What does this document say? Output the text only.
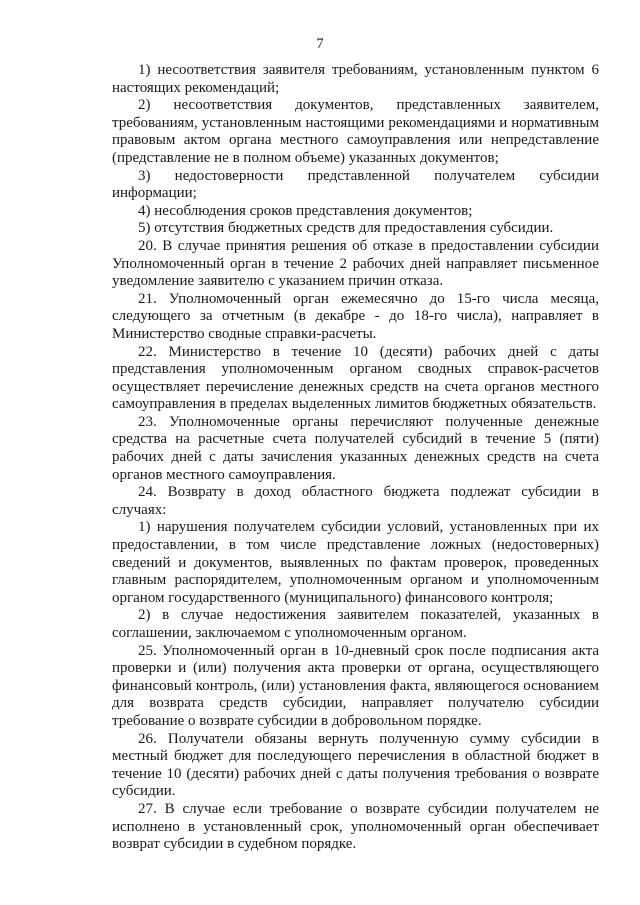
7

1) несоответствия заявителя требованиям, установленным пунктом 6 настоящих рекомендаций;

2) несоответствия документов, представленных заявителем, требованиям, установленным настоящими рекомендациями и нормативным правовым актом органа местного самоуправления или непредставление (представление не в полном объеме) указанных документов;

3) недостоверности представленной получателем субсидии информации;

4) несоблюдения сроков представления документов;

5) отсутствия бюджетных средств для предоставления субсидии.

20. В случае принятия решения об отказе в предоставлении субсидии Уполномоченный орган в течение 2 рабочих дней направляет письменное уведомление заявителю с указанием причин отказа.

21. Уполномоченный орган ежемесячно до 15-го числа месяца, следующего за отчетным (в декабре - до 18-го числа), направляет в Министерство сводные справки-расчеты.

22. Министерство в течение 10 (десяти) рабочих дней с даты представления уполномоченным органом сводных справок-расчетов осуществляет перечисление денежных средств на счета органов местного самоуправления в пределах выделенных лимитов бюджетных обязательств.

23. Уполномоченные органы перечисляют полученные денежные средства на расчетные счета получателей субсидий в течение 5 (пяти) рабочих дней с даты зачисления указанных денежных средств на счета органов местного самоуправления.

24. Возврату в доход областного бюджета подлежат субсидии в случаях:

1) нарушения получателем субсидии условий, установленных при их предоставлении, в том числе представление ложных (недостоверных) сведений и документов, выявленных по фактам проверок, проведенных главным распорядителем, уполномоченным органом и уполномоченным органом государственного (муниципального) финансового контроля;

2) в случае недостижения заявителем показателей, указанных в соглашении, заключаемом с уполномоченным органом.

25. Уполномоченный орган в 10-дневный срок после подписания акта проверки и (или) получения акта проверки от органа, осуществляющего финансовый контроль, (или) установления факта, являющегося основанием для возврата средств субсидии, направляет получателю субсидии требование о возврате субсидии в добровольном порядке.

26. Получатели обязаны вернуть полученную сумму субсидии в местный бюджет для последующего перечисления в областной бюджет в течение 10 (десяти) рабочих дней с даты получения требования о возврате субсидии.

27. В случае если требование о возврате субсидии получателем не исполнено в установленный срок, уполномоченный орган обеспечивает возврат субсидии в судебном порядке.
